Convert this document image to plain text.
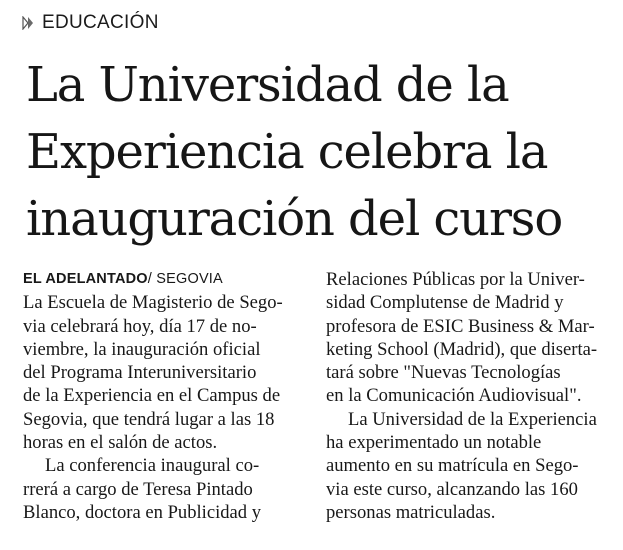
EDUCACIÓN
La Universidad de la
Experiencia celebra la
inauguración del curso
EL ADELANTADO/ SEGOVIA
La Escuela de Magisterio de Sego-
via celebrará hoy, día 17 de no-
viembre, la inauguración oficial
del Programa Interuniversitario
de la Experiencia en el Campus de
Segovia, que tendrá lugar a las 18
horas en el salón de actos.
La conferencia inaugural co-
rrerá a cargo de Teresa Pintado
Blanco, doctora en Publicidad y
Relaciones Públicas por la Univer-
sidad Complutense de Madrid y
profesora de ESIC Business & Mar-
keting School (Madrid), que diserta-
tará sobre "Nuevas Tecnologías
en la Comunicación Audiovisual".
La Universidad de la Experiencia
ha experimentado un notable
aumento en su matrícula en Sego-
via este curso, alcanzando las 160
personas matriculadas.
